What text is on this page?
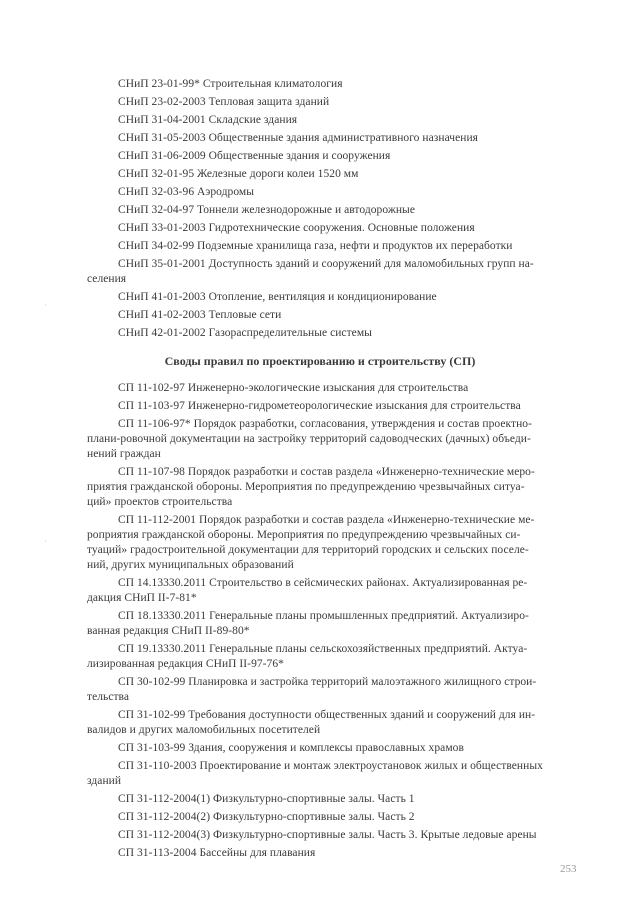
СНиП 23-01-99* Строительная климатология
СНиП 23-02-2003 Тепловая защита зданий
СНиП 31-04-2001 Складские здания
СНиП 31-05-2003 Общественные здания административного назначения
СНиП 31-06-2009 Общественные здания и сооружения
СНиП 32-01-95 Железные дороги колеи 1520 мм
СНиП 32-03-96 Аэродромы
СНиП 32-04-97 Тоннели железнодорожные и автодорожные
СНиП 33-01-2003 Гидротехнические сооружения. Основные положения
СНиП 34-02-99 Подземные хранилища газа, нефти и продуктов их переработки
СНиП 35-01-2001 Доступность зданий и сооружений для маломобильных групп на-
селения
СНиП 41-01-2003 Отопление, вентиляция и кондиционирование
СНиП 41-02-2003 Тепловые сети
СНиП 42-01-2002 Газораспределительные системы
Своды правил по проектированию и строительству (СП)
СП 11-102-97 Инженерно-экологические изыскания для строительства
СП 11-103-97 Инженерно-гидрометеорологические изыскания для строительства
СП 11-106-97* Порядок разработки, согласования, утверждения и состав проектно-
плани-ровочной документации на застройку территорий садоводческих (дачных) объеди-
нений граждан
СП 11-107-98 Порядок разработки и состав раздела «Инженерно-технические меро-
приятия гражданской обороны. Мероприятия по предупреждению чрезвычайных ситуа-
ций» проектов строительства
СП 11-112-2001 Порядок разработки и состав раздела «Инженерно-технические ме-
роприятия гражданской обороны. Мероприятия по предупреждению чрезвычайных си-
туаций» градостроительной документации для территорий городских и сельских поселе-
ний, других муниципальных образований
СП 14.13330.2011 Строительство в сейсмических районах. Актуализированная ре-
дакция СНиП II-7-81*
СП 18.13330.2011 Генеральные планы промышленных предприятий. Актуализиро-
ванная редакция СНиП II-89-80*
СП 19.13330.2011 Генеральные планы сельскохозяйственных предприятий. Актуа-
лизированная редакция СНиП II-97-76*
СП 30-102-99 Планировка и застройка территорий малоэтажного жилищного строи-
тельства
СП 31-102-99 Требования доступности общественных зданий и сооружений для ин-
валидов и других маломобильных посетителей
СП 31-103-99 Здания, сооружения и комплексы православных храмов
СП 31-110-2003 Проектирование и монтаж электроустановок жилых и общественных
зданий
СП 31-112-2004(1) Физкультурно-спортивные залы. Часть 1
СП 31-112-2004(2) Физкультурно-спортивные залы. Часть 2
СП 31-112-2004(3) Физкультурно-спортивные залы. Часть 3. Крытые ледовые арены
СП 31-113-2004 Бассейны для плавания
253
·
·
